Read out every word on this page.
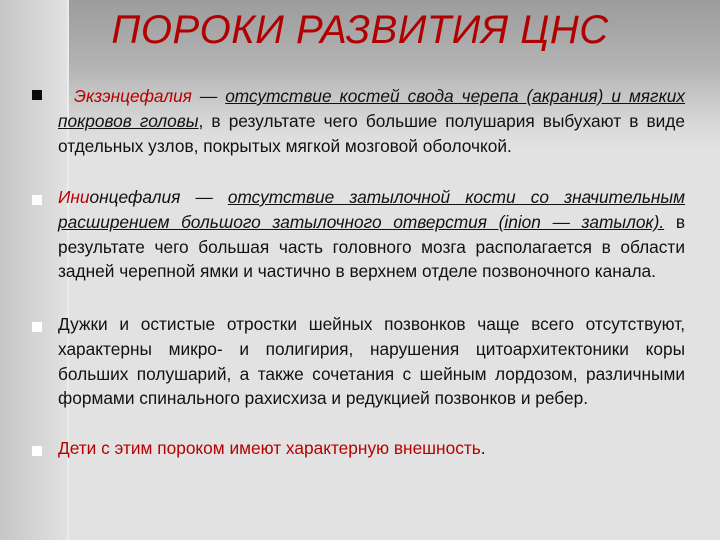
ПОРОКИ РАЗВИТИЯ ЦНС
Экзэнцефалия — отсутствие костей свода черепа (акрания) и мягких покровов головы, в результате чего большие полушария выбухают в виде отдельных узлов, покрытых мягкой мозговой оболочкой.
Инионцефалия — отсутствие затылочной кости со значительным расширением большого затылочного отверстия (inion — затылок). в результате чего большая часть головного мозга располагается в области задней черепной ямки и частично в верхнем отделе позвоночного канала.
Дужки и остистые отростки шейных позвонков чаще всего отсутствуют, характерны микро- и полигирия, нарушения цитоархитектоники коры больших полушарий, а также сочетания с шейным лордозом, различными формами спинального рахисхиза и редукцией позвонков и ребер.
Дети с этим пороком имеют характерную внешность.
